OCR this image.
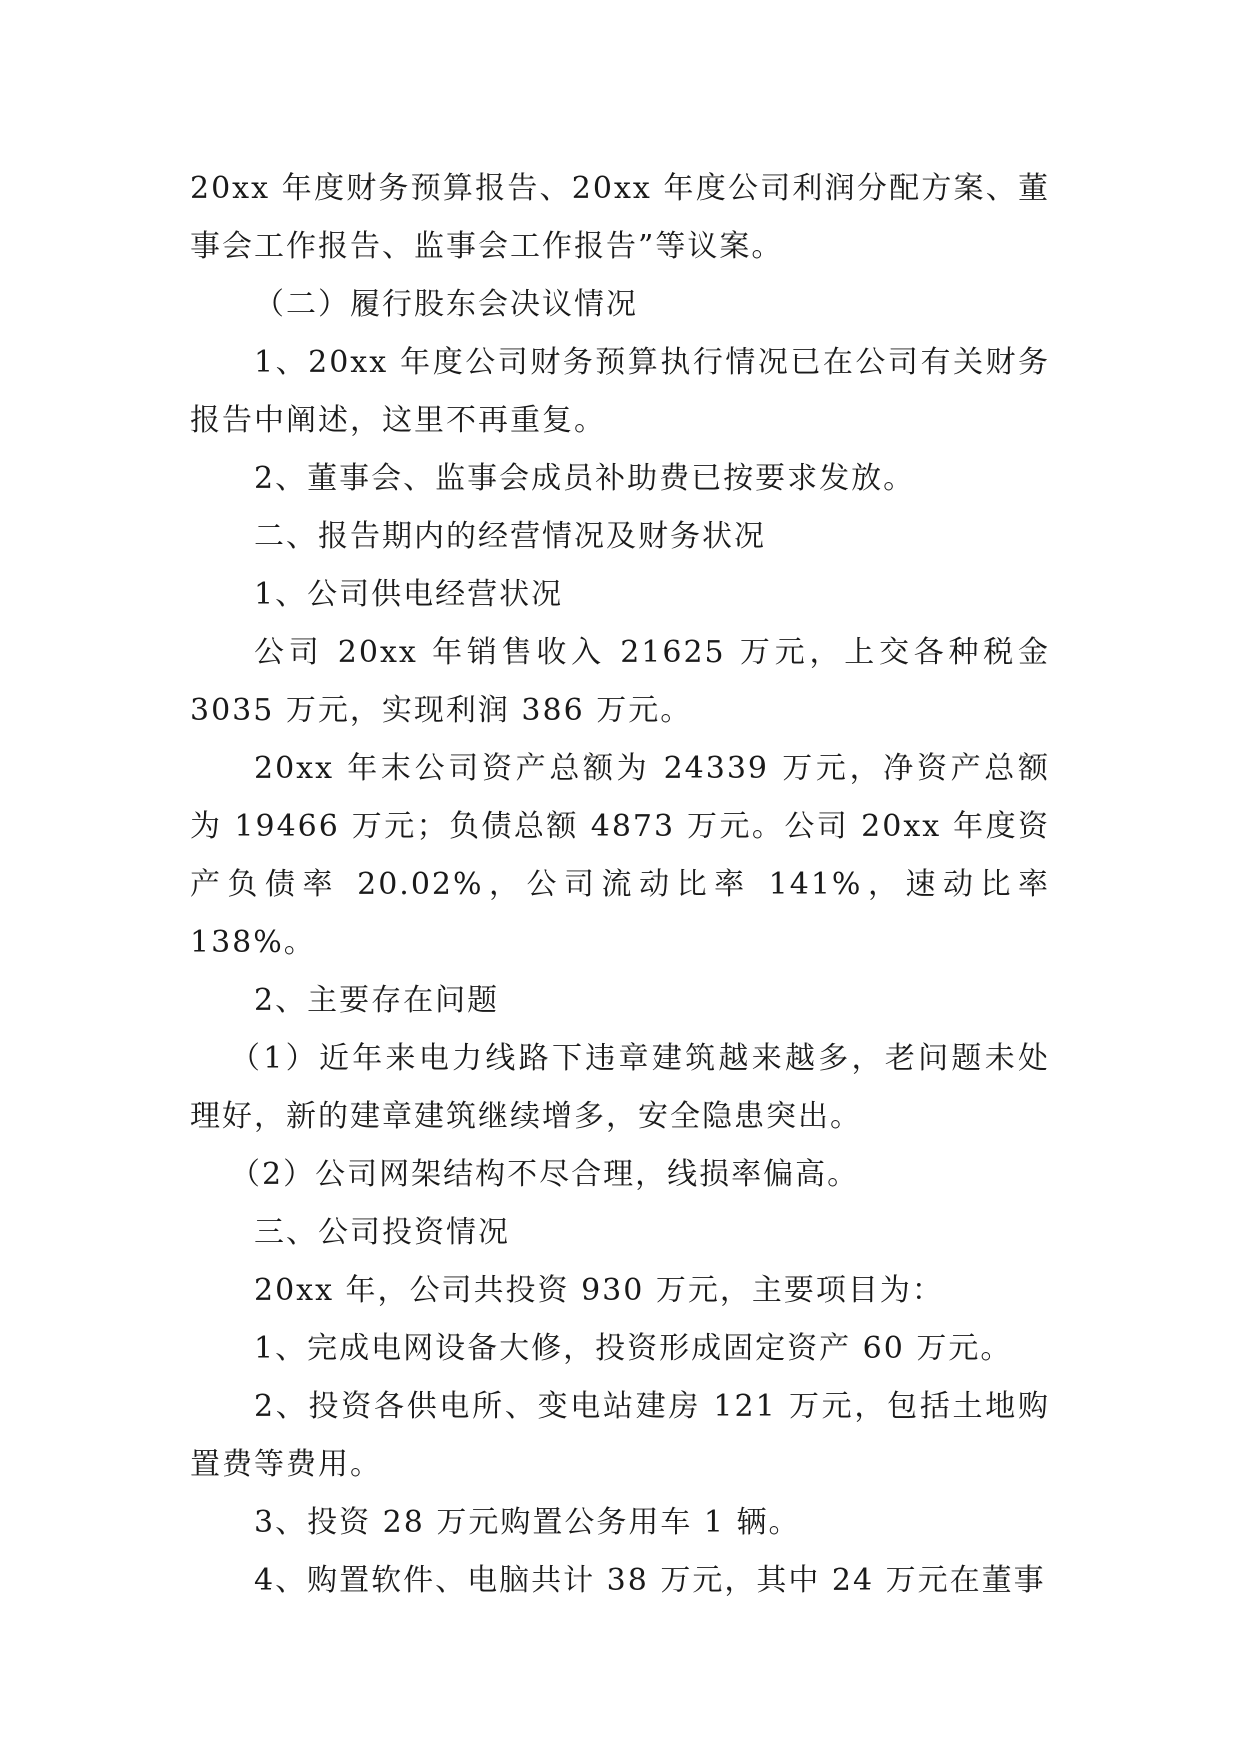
20xx 年度财务预算报告、20xx 年度公司利润分配方案、董事会工作报告、监事会工作报告”等议案。

（二）履行股东会决议情况

1、20xx 年度公司财务预算执行情况已在公司有关财务报告中阐述，这里不再重复。

2、董事会、监事会成员补助费已按要求发放。

二、报告期内的经营情况及财务状况

1、公司供电经营状况

公司 20xx 年销售收入 21625 万元，上交各种税金 3035 万元，实现利润 386 万元。

20xx 年末公司资产总额为 24339 万元，净资产总额为 19466 万元；负债总额 4873 万元。公司 20xx 年度资产负债率 20.02%，公司流动比率 141%，速动比率 138%。

2、主要存在问题

（1）近年来电力线路下违章建筑越来越多，老问题未处理好，新的建章建筑继续增多，安全隐患突出。

（2）公司网架结构不尽合理，线损率偏高。

三、公司投资情况

20xx 年，公司共投资 930 万元，主要项目为：

1、完成电网设备大修，投资形成固定资产 60 万元。

2、投资各供电所、变电站建房 121 万元，包括土地购置费等费用。

3、投资 28 万元购置公务用车 1 辆。

4、购置软件、电脑共计 38 万元，其中 24 万元在董事
